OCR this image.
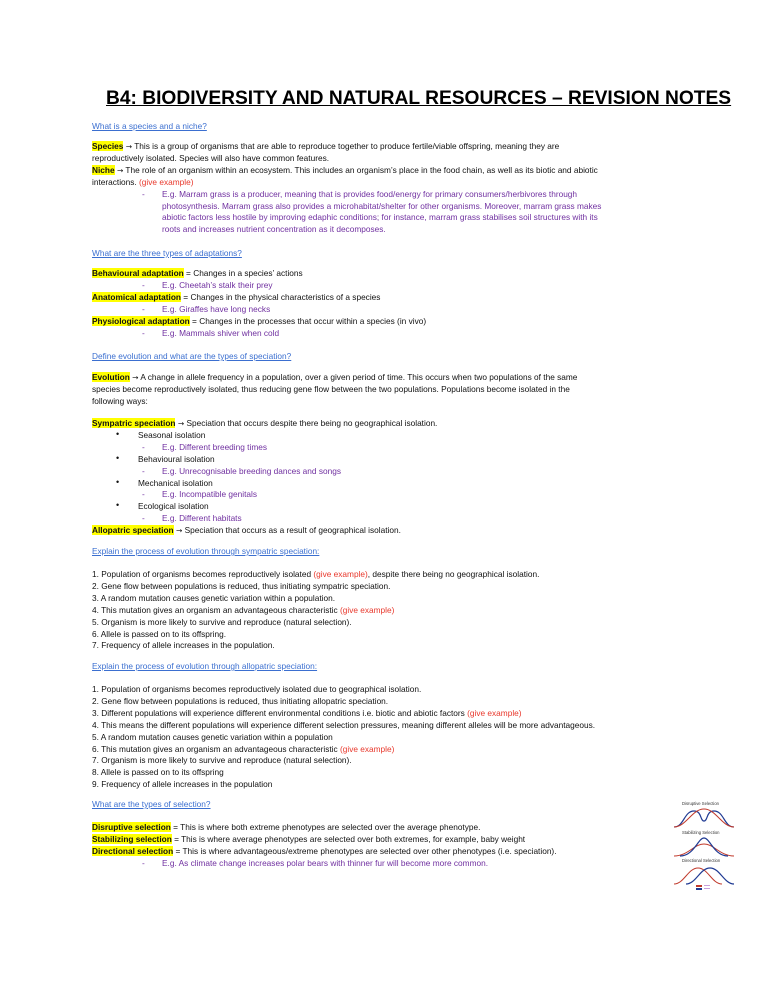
B4: BIODIVERSITY AND NATURAL RESOURCES – REVISION NOTES
What is a species and a niche?
Species → This is a group of organisms that are able to reproduce together to produce fertile/viable offspring, meaning they are
reproductively isolated. Species will also have common features.
Niche → The role of an organism within an ecosystem. This includes an organism’s place in the food chain, as well as its biotic and abiotic
interactions. (give example)
- E.g. Marram grass is a producer, meaning that is provides food/energy for primary consumers/herbivores through
photosynthesis. Marram grass also provides a microhabitat/shelter for other organisms. Moreover, marram grass makes
abiotic factors less hostile by improving edaphic conditions; for instance, marram grass stabilises soil structures with its
roots and increases nutrient concentration as it decomposes.
What are the three types of adaptations?
Behavioural adaptation = Changes in a species’ actions
- E.g. Cheetah’s stalk their prey
Anatomical adaptation = Changes in the physical characteristics of a species
- E.g. Giraffes have long necks
Physiological adaptation = Changes in the processes that occur within a species (in vivo)
- E.g. Mammals shiver when cold
Define evolution and what are the types of speciation?
Evolution → A change in allele frequency in a population, over a given period of time. This occurs when two populations of the same
species become reproductively isolated, thus reducing gene flow between the two populations. Populations become isolated in the
following ways:
Sympatric speciation → Speciation that occurs despite there being no geographical isolation.
• Seasonal isolation
- E.g. Different breeding times
• Behavioural isolation
- E.g. Unrecognisable breeding dances and songs
• Mechanical isolation
- E.g. Incompatible genitals
• Ecological isolation
- E.g. Different habitats
Allopatric speciation → Speciation that occurs as a result of geographical isolation.
Explain the process of evolution through sympatric speciation:
1. Population of organisms becomes reproductively isolated (give example), despite there being no geographical isolation.
2. Gene flow between populations is reduced, thus initiating sympatric speciation.
3. A random mutation causes genetic variation within a population.
4. This mutation gives an organism an advantageous characteristic (give example)
5. Organism is more likely to survive and reproduce (natural selection).
6. Allele is passed on to its offspring.
7. Frequency of allele increases in the population.
Explain the process of evolution through allopatric speciation:
1. Population of organisms becomes reproductively isolated due to geographical isolation.
2. Gene flow between populations is reduced, thus initiating allopatric speciation.
3. Different populations will experience different environmental conditions i.e. biotic and abiotic factors (give example)
4. This means the different populations will experience different selection pressures, meaning different alleles will be more advantageous.
5. A random mutation causes genetic variation within a population
6. This mutation gives an organism an advantageous characteristic (give example)
7. Organism is more likely to survive and reproduce (natural selection).
8. Allele is passed on to its offspring
9. Frequency of allele increases in the population
What are the types of selection?
Disruptive selection = This is where both extreme phenotypes are selected over the average phenotype.
Stabilizing selection = This is where average phenotypes are selected over both extremes, for example, baby weight
Directional selection = This is where advantageous/extreme phenotypes are selected over other phenotypes (i.e. speciation).
- E.g. As climate change increases polar bears with thinner fur will become more common.
Disruptive Selection
Stabilizing Selection
Directional Selection
